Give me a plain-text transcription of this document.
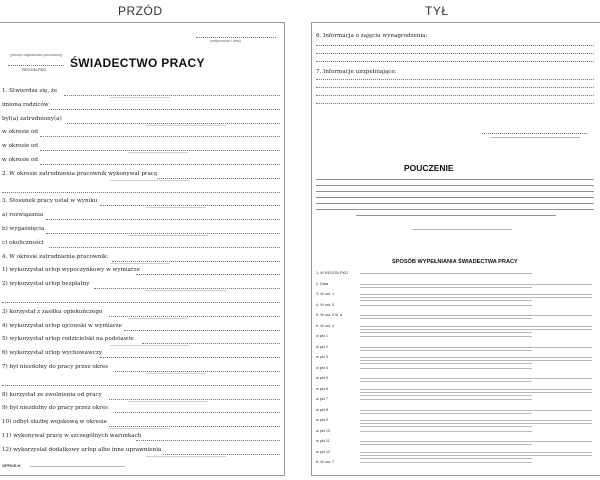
PRZÓD	TYŁ
(pieczęć nagłówkowa pracodawcy)
REGON-PKD
(miejscowość i data)
ŚWIADECTWO PRACY
1. Stwierdza się, że
imiona rodziców
był(a) zatrudniony(a)
w okresie od
w okresie od
w okresie od
2. W okresie zatrudnienia pracownik wykonywał pracę
3. Stosunek pracy ustał w wyniku
a) rozwiązania
b) wygaśnięcia
c) okoliczności
4. W okresie zatrudnienia pracownik:
1) wykorzystał urlop wypoczynkowy w wymiarze
2) wykorzystał urlop bezpłatny
3) korzystał z zasiłku opiekuńczego
4) wykorzystał urlop ojcowski w wymiarze
5) wykorzystał urlop rodzicielski na podstawie
6) wykorzystał urlop wychowawczy
7) był niezdolny do pracy przez okres
8) korzystał ze zwolnienia od pracy
9) był niezdolny do pracy przez okres
10) odbył służbę wojskową w okresie
11) wykonywał pracę w szczególnych warunkach
12) wykorzystał dodatkowy urlop albo inne uprawnienia
OFFICE-K
6. Informacja o zajęciu wynagrodzenia:
7. Informacje uzupełniające:
POUCZENIE
SPOSÓB WYPEŁNIANIA ŚWIADECTWA PRACY
1. W REGON-PKD
2. Data
3. W ust. 1
4. W ust. 3
5. W ust. 3 lit. a
6. W ust. 4
w pkt 1
w pkt 2
w pkt 3
w pkt 4
w pkt 5
w pkt 6
w pkt 7
w pkt 8
w pkt 9
w pkt 10
w pkt 11
w pkt 12
8. W ust. 7
